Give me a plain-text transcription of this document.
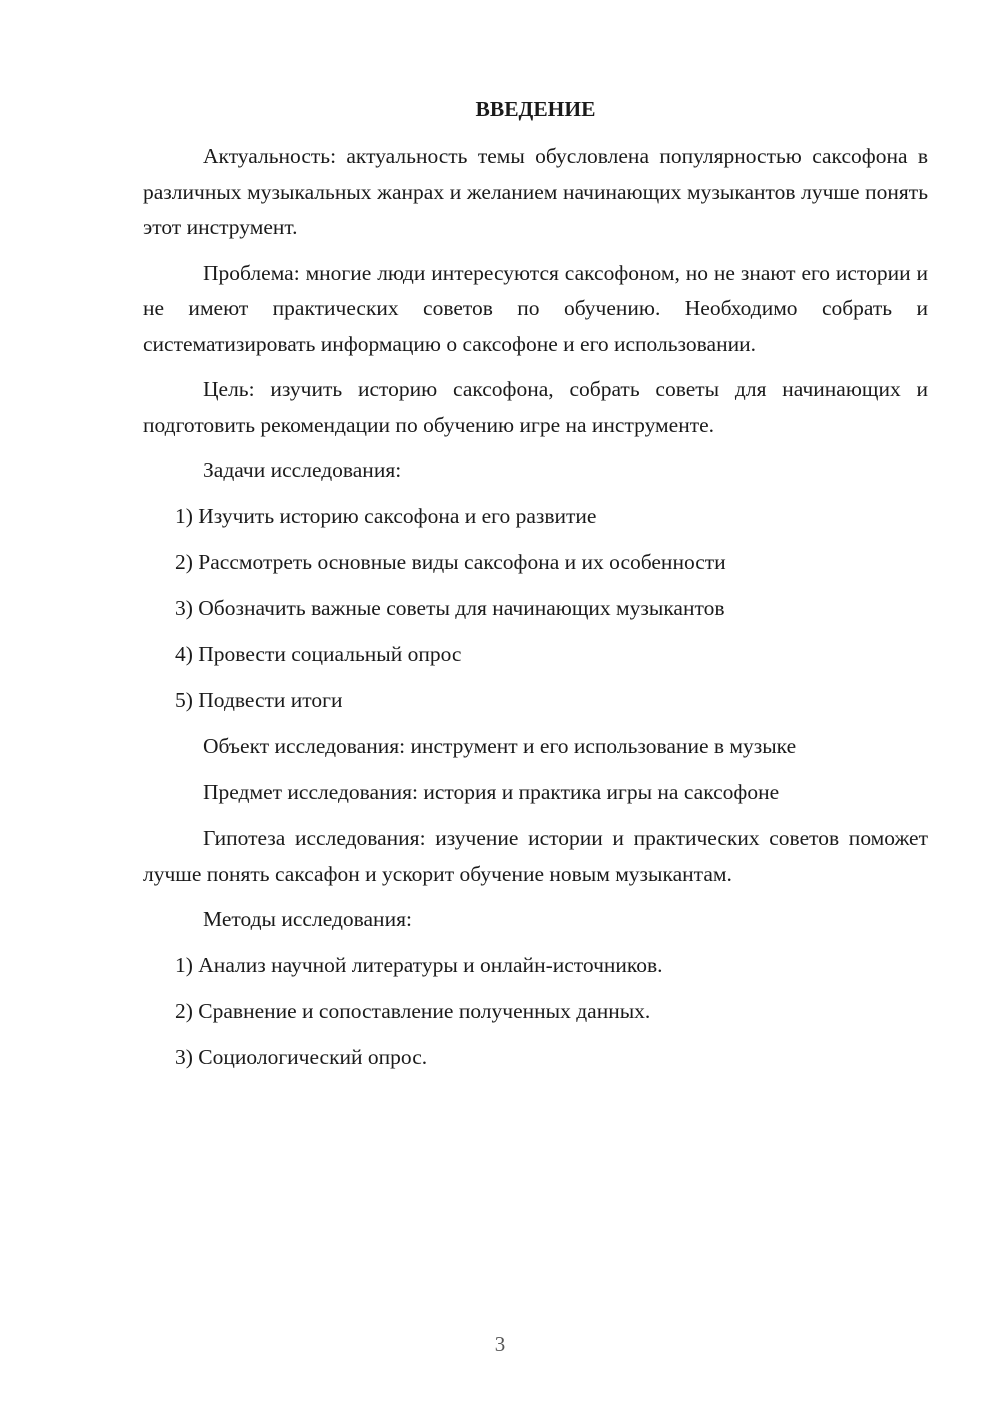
ВВЕДЕНИЕ

Актуальность: актуальность темы обусловлена популярностью саксофона в различных музыкальных жанрах и желанием начинающих музыкантов лучше понять этот инструмент.

Проблема: многие люди интересуются саксофоном, но не знают его истории и не имеют практических советов по обучению. Необходимо собрать и систематизировать информацию о саксофоне и его использовании.

Цель: изучить историю саксофона, собрать советы для начинающих и подготовить рекомендации по обучению игре на инструменте.

Задачи исследования:
1) Изучить историю саксофона и его развитие
2) Рассмотреть основные виды саксофона и их особенности
3) Обозначить важные советы для начинающих музыкантов
4) Провести социальный опрос
5) Подвести итоги
Объект исследования: инструмент и его использование в музыке
Предмет исследования: история и практика игры на саксофоне

Гипотеза исследования: изучение истории и практических советов поможет лучше понять саксафон и ускорит обучение новым музыкантам.

Методы исследования:
1) Анализ научной литературы и онлайн-источников.
2) Сравнение и сопоставление полученных данных.
3) Социологический опрос.
3
